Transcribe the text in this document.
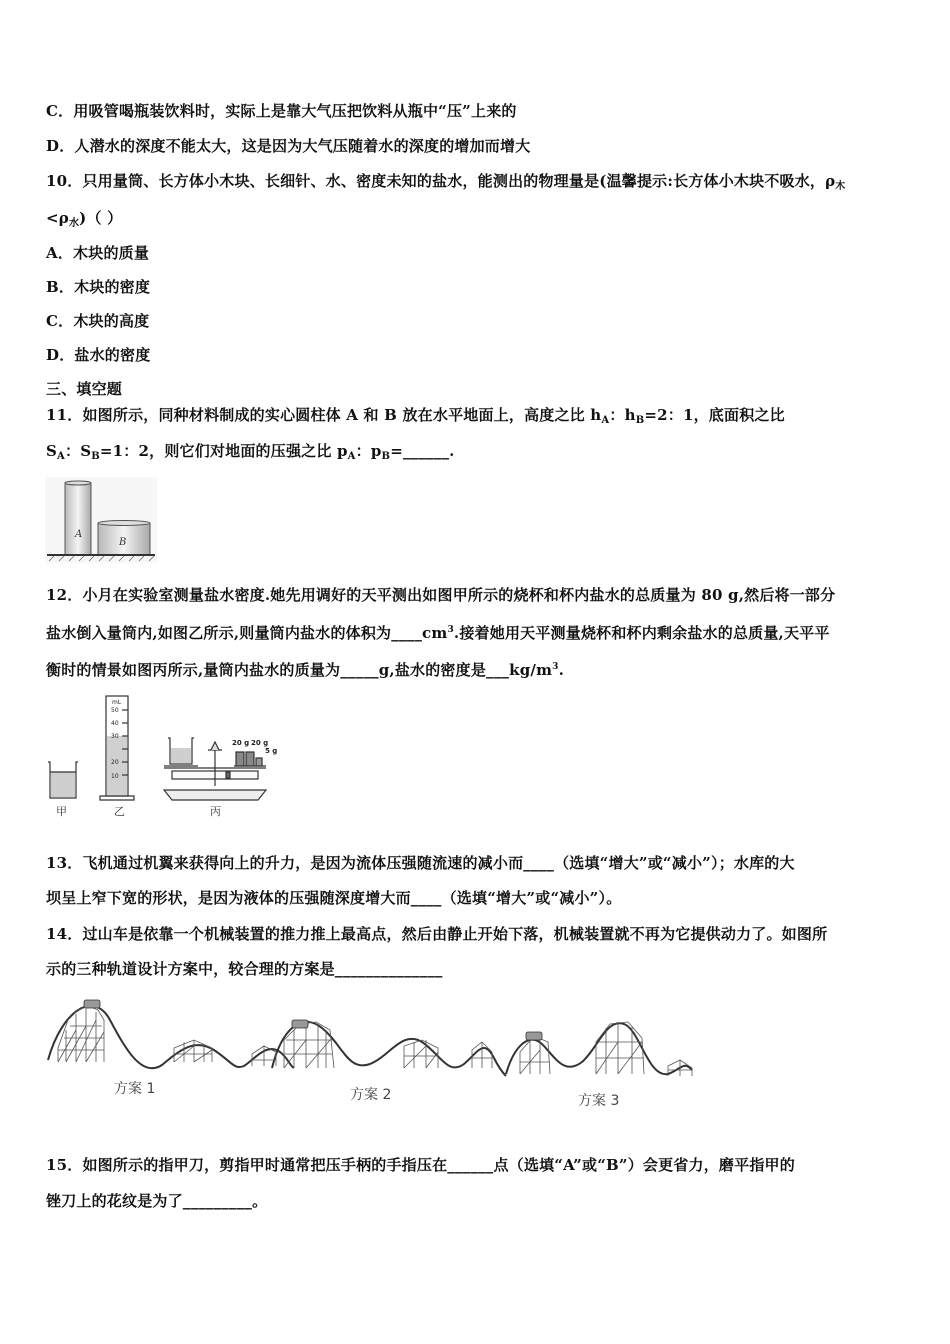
C．用吸管喝瓶装饮料时，实际上是靠大气压把饮料从瓶中“压”上来的
D．人潜水的深度不能太大，这是因为大气压随着水的深度的增加而增大
10．只用量筒、长方体小木块、长细针、水、密度未知的盐水，能测出的物理量是(温馨提示:长方体小木块不吸水，$\rho_木$
$<\rho_水$)（ ）
A．木块的质量
B．木块的密度
C．木块的高度
D．盐水的密度
三、填空题
11．如图所示，同种材料制成的实心圆柱体 A 和 B 放在水平地面上，高度之比 $h_A$：$h_B=2$：1，底面积之比
$S_A$：$S_B=1$：2，则它们对地面的压强之比 $p_A$：$p_B=\_\_\_\_\_\_$.
A
B
12．小月在实验室测量盐水密度.她先用调好的天平测出如图甲所示的烧杯和杯内盐水的总质量为 80 g,然后将一部分
盐水倒入量筒内,如图乙所示,则量筒内盐水的体积为$\_\_\_\_cm^3$.接着她用天平测量烧杯和杯内剩余盐水的总质量,天平平
衡时的情景如图丙所示,量筒内盐水的质量为_____g,盐水的密度是$\_\_\_kg/m^3$.
甲
mL
50
40
30
20
10
乙
20 g 20 g
5 g
丙
13．飞机通过机翼来获得向上的升力，是因为流体压强随流速的减小而____（选填“增大”或“减小”）；水库的大
坝呈上窄下宽的形状，是因为液体的压强随深度增大而____（选填“增大”或“减小”）。
14．过山车是依靠一个机械装置的推力推上最高点，然后由静止开始下落，机械装置就不再为它提供动力了。如图所
示的三种轨道设计方案中，较合理的方案是______________
方案 1	方案 2	方案 3
15．如图所示的指甲刀，剪指甲时通常把压手柄的手指压在______点（选填“A”或“B”）会更省力，磨平指甲的
锉刀上的花纹是为了_________。
